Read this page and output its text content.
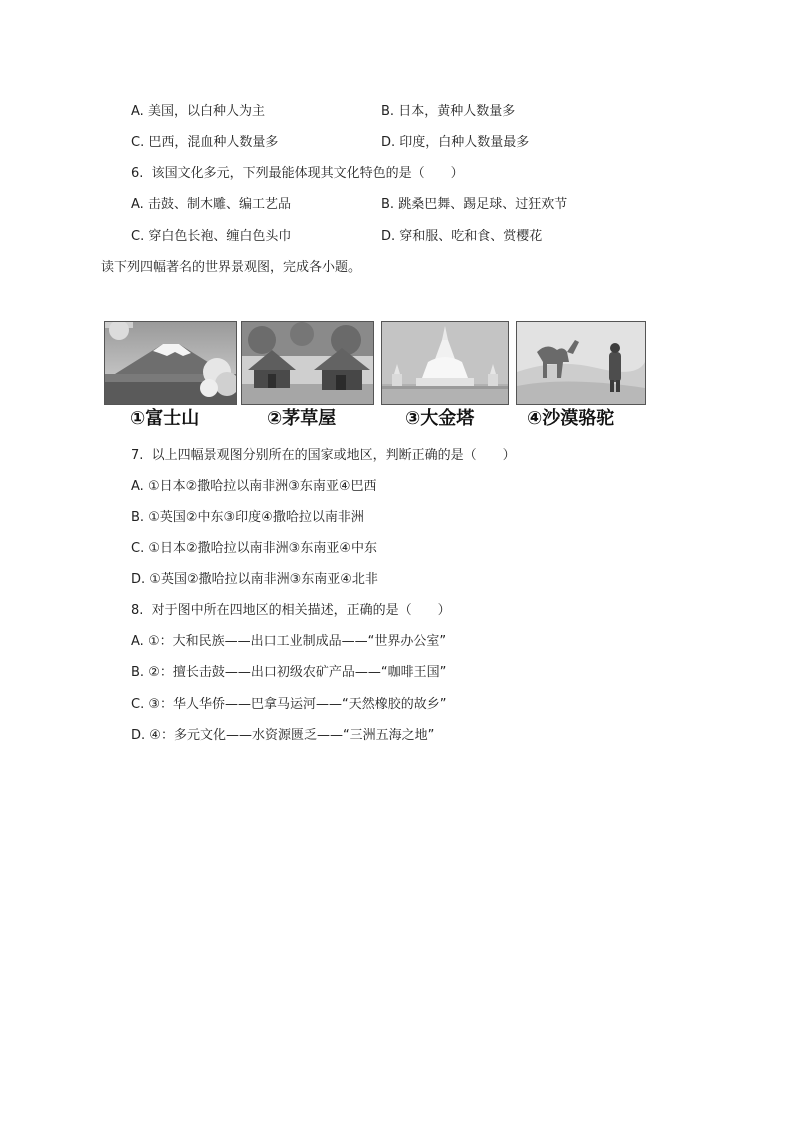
A. 美国，以白种人为主	B. 日本，黄种人数量多
C. 巴西，混血种人数量多	D. 印度，白种人数量最多
6. 该国文化多元，下列最能体现其文化特色的是（　　）
A. 击鼓、制木雕、编工艺品	B. 跳桑巴舞、踢足球、过狂欢节
C. 穿白色长袍、缠白色头巾	D. 穿和服、吃和食、赏樱花
读下列四幅著名的世界景观图，完成各小题。
①富士山	②茅草屋	③大金塔	④沙漠骆驼
7. 以上四幅景观图分别所在的国家或地区，判断正确的是（　　）
A. ①日本②撒哈拉以南非洲③东南亚④巴西
B. ①英国②中东③印度④撒哈拉以南非洲
C. ①日本②撒哈拉以南非洲③东南亚④中东
D. ①英国②撒哈拉以南非洲③东南亚④北非
8. 对于图中所在四地区的相关描述，正确的是（　　）
A. ①：大和民族——出口工业制成品——“世界办公室”
B. ②：擅长击鼓——出口初级农矿产品——“咖啡王国”
C. ③：华人华侨——巴拿马运河——“天然橡胶的故乡”
D. ④：多元文化——水资源匮乏——“三洲五海之地”
